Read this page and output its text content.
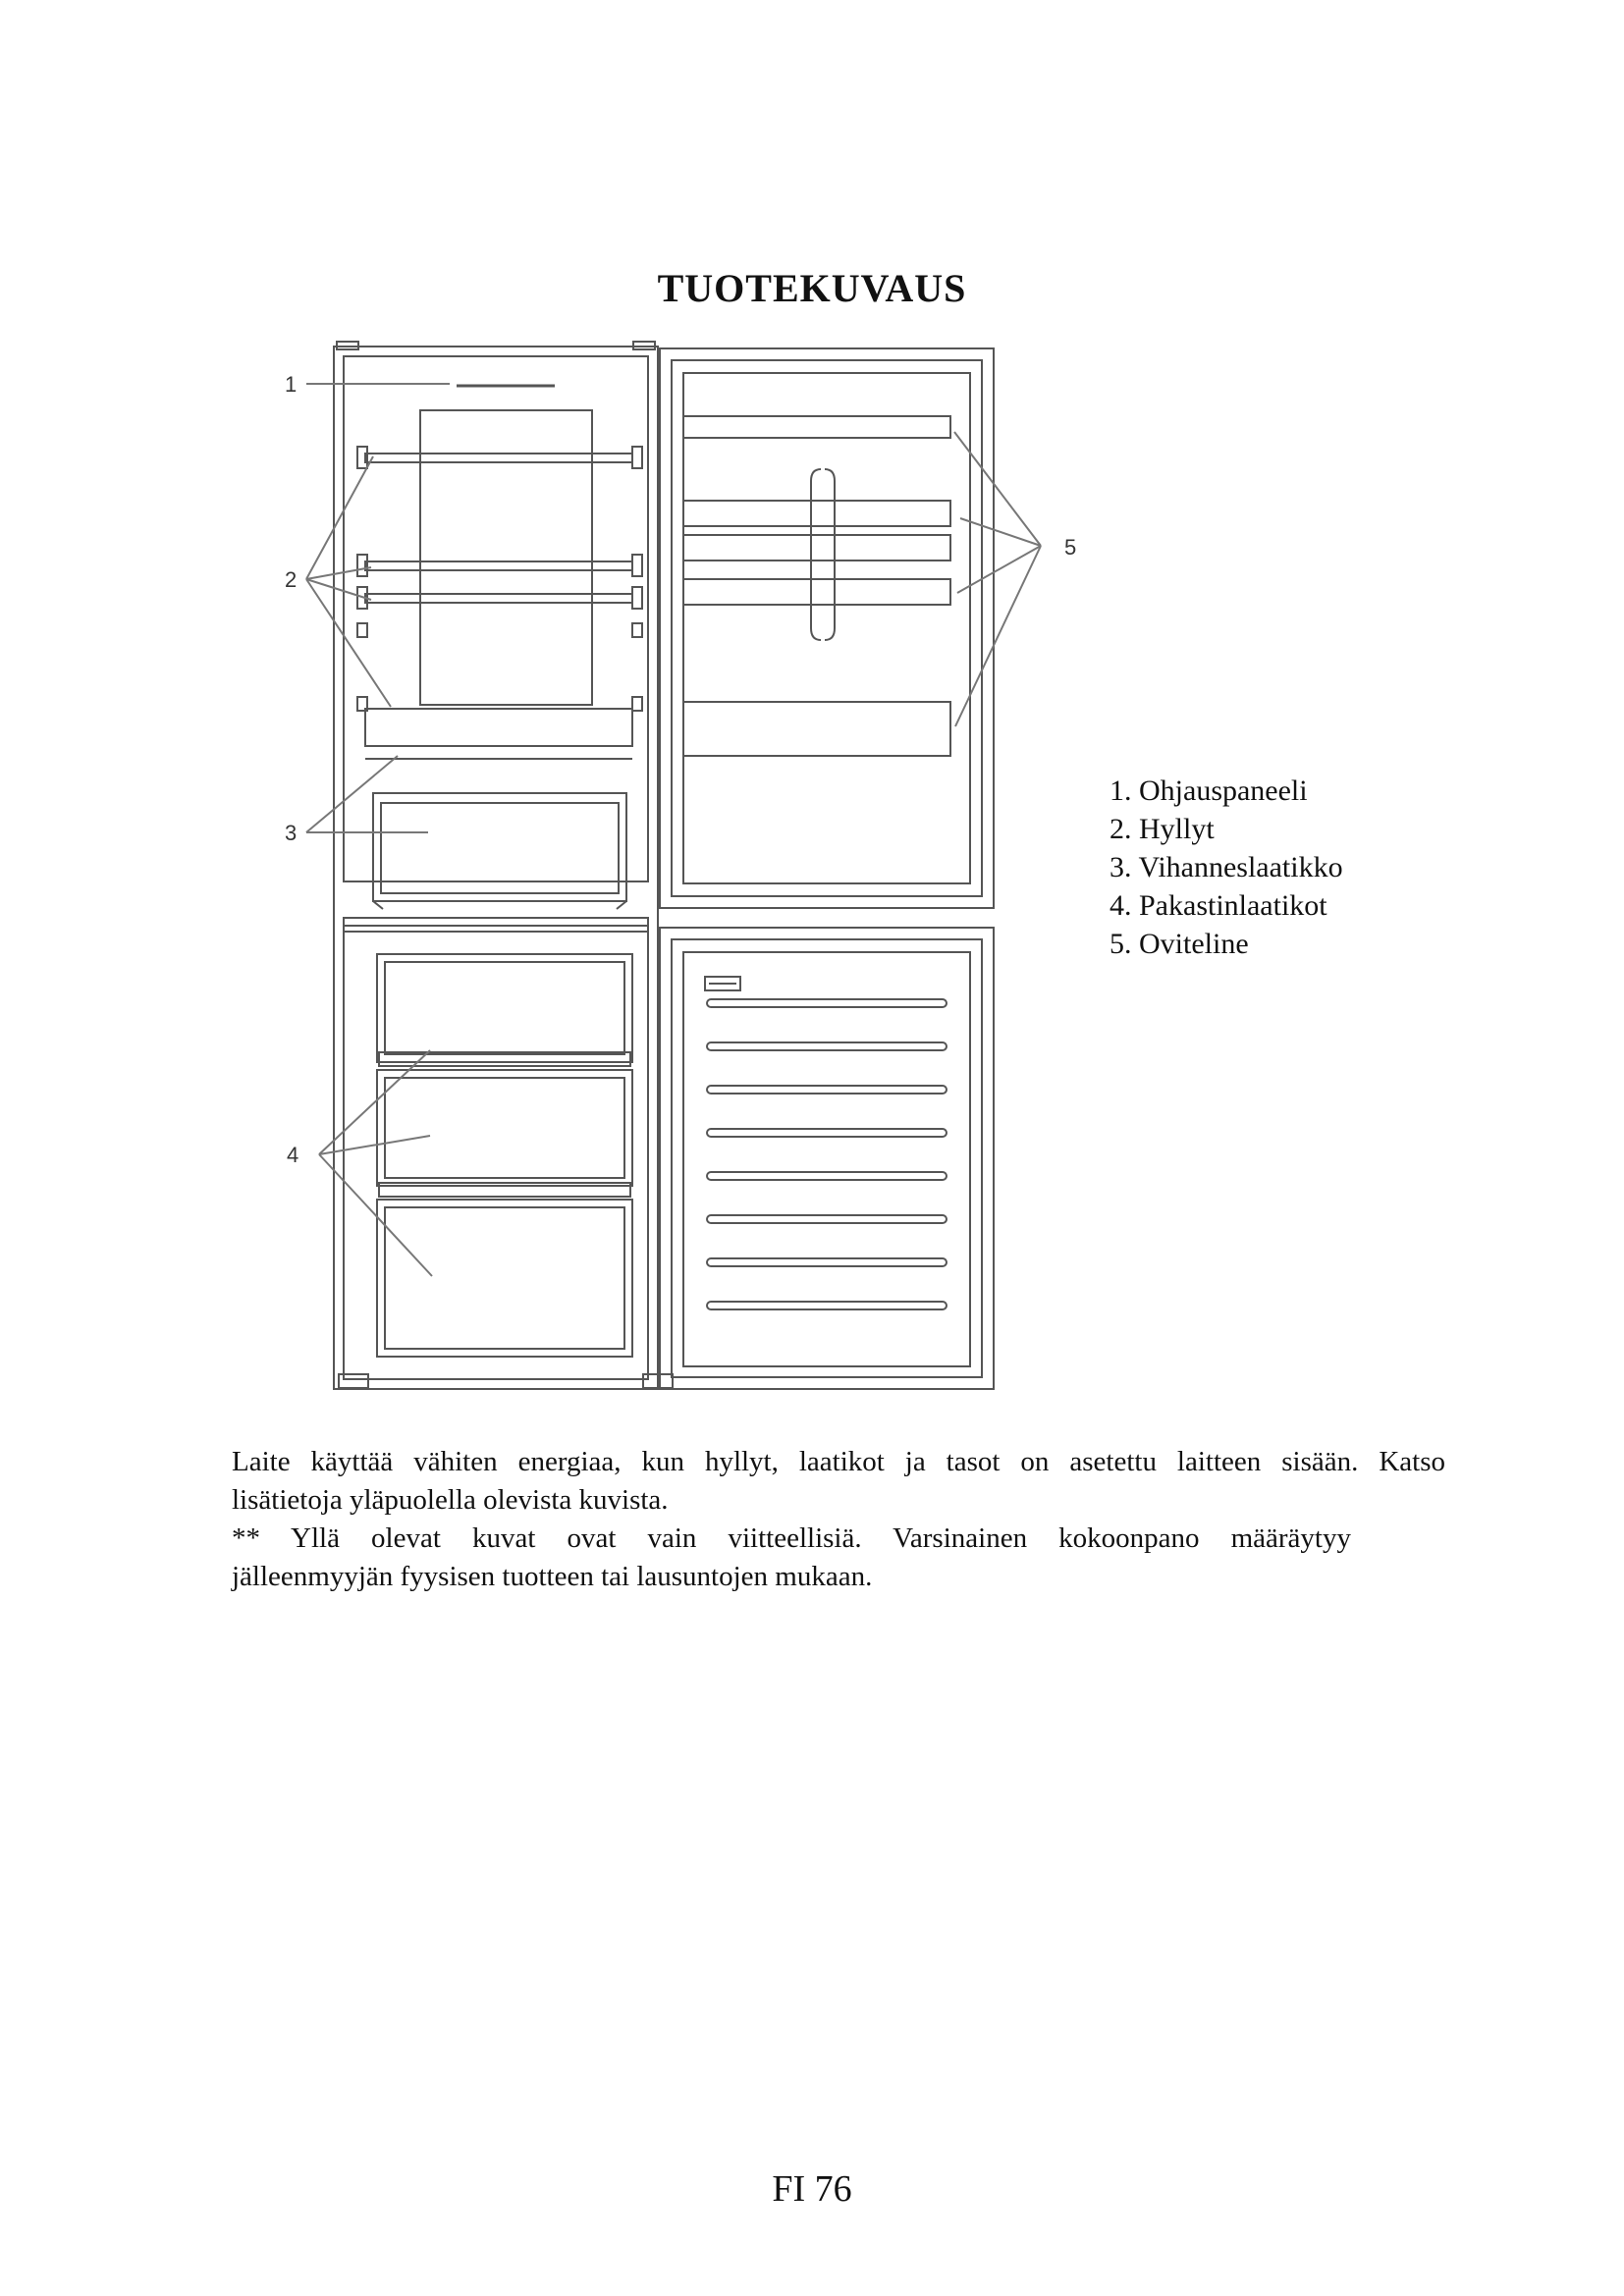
TUOTEKUVAUS
1
2
3
4
5
1. Ohjauspaneeli
2. Hyllyt
3. Vihanneslaatikko
4. Pakastinlaatikot
5. Oviteline

Laite käyttää vähiten energiaa, kun hyllyt, laatikot ja tasot on asetettu laitteen sisään. Katso

lisätietoja yläpuolella olevista kuvista.

** Yllä olevat kuvat ovat vain viitteellisiä. Varsinainen kokoonpano määräytyy

jälleenmyyjän fyysisen tuotteen tai lausuntojen mukaan.

FI 76
